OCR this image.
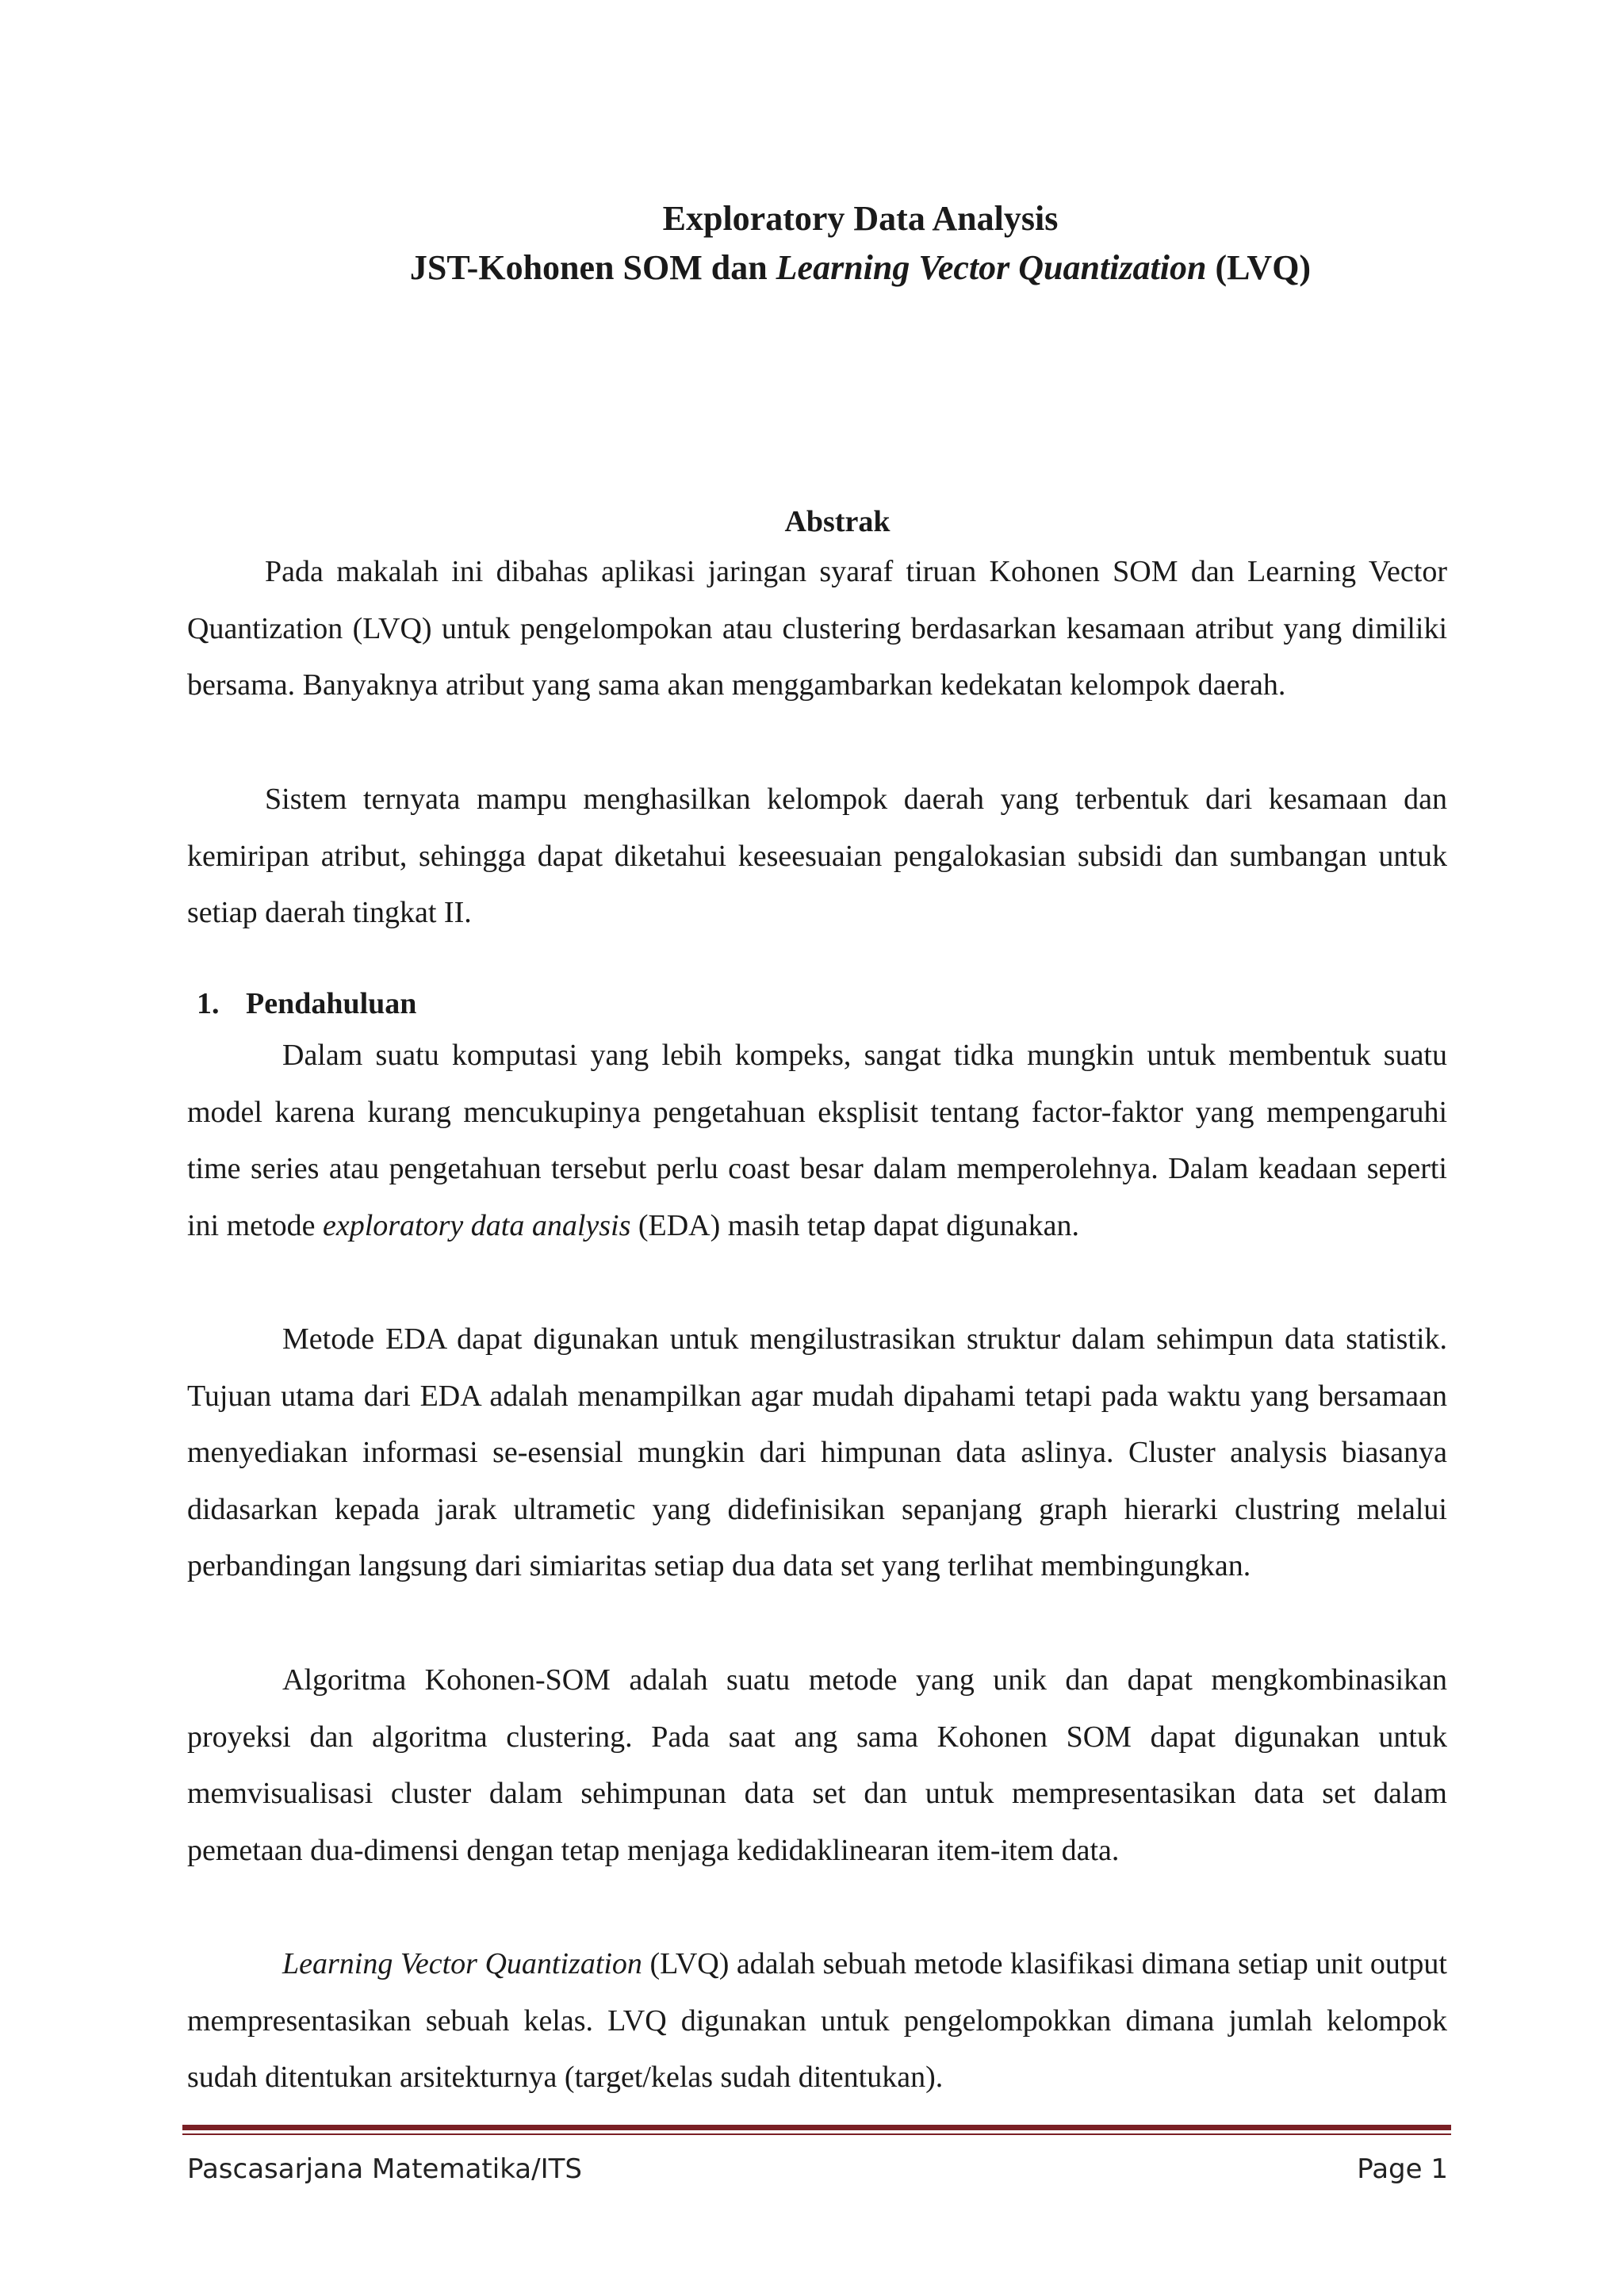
Exploratory Data Analysis
JST-Kohonen SOM dan Learning Vector Quantization (LVQ)
Abstrak

Pada makalah ini dibahas aplikasi jaringan syaraf tiruan Kohonen SOM dan Learning Vector Quantization (LVQ) untuk pengelompokan atau clustering berdasarkan kesamaan atribut yang dimiliki bersama. Banyaknya atribut yang sama akan menggambarkan kedekatan kelompok daerah.

Sistem ternyata mampu menghasilkan kelompok daerah yang terbentuk dari kesamaan dan kemiripan atribut, sehingga dapat diketahui keseesuaian pengalokasian subsidi dan sumbangan untuk setiap daerah tingkat II.

1. Pendahuluan

Dalam suatu komputasi yang lebih kompeks, sangat tidka mungkin untuk membentuk suatu model karena kurang mencukupinya pengetahuan eksplisit tentang factor-faktor yang mempengaruhi time series atau pengetahuan tersebut perlu coast besar dalam memperolehnya. Dalam keadaan seperti ini metode exploratory data analysis (EDA) masih tetap dapat digunakan.

Metode EDA dapat digunakan untuk mengilustrasikan struktur dalam sehimpun data statistik. Tujuan utama dari EDA adalah menampilkan agar mudah dipahami tetapi pada waktu yang bersamaan menyediakan informasi se-esensial mungkin dari himpunan data aslinya. Cluster analysis biasanya didasarkan kepada jarak ultrametic yang didefinisikan sepanjang graph hierarki clustring melalui perbandingan langsung dari simiaritas setiap dua data set yang terlihat membingungkan.

Algoritma Kohonen-SOM adalah suatu metode yang unik dan dapat mengkombinasikan proyeksi dan algoritma clustering. Pada saat ang sama Kohonen SOM dapat digunakan untuk memvisualisasi cluster dalam sehimpunan data set dan untuk mempresentasikan data set dalam pemetaan dua-dimensi dengan tetap menjaga kedidaklinearan item-item data.

Learning Vector Quantization (LVQ) adalah sebuah metode klasifikasi dimana setiap unit output mempresentasikan sebuah kelas. LVQ digunakan untuk pengelompokkan dimana jumlah kelompok sudah ditentukan arsitekturnya (target/kelas sudah ditentukan).

Pascasarjana Matematika/ITS	Page 1
